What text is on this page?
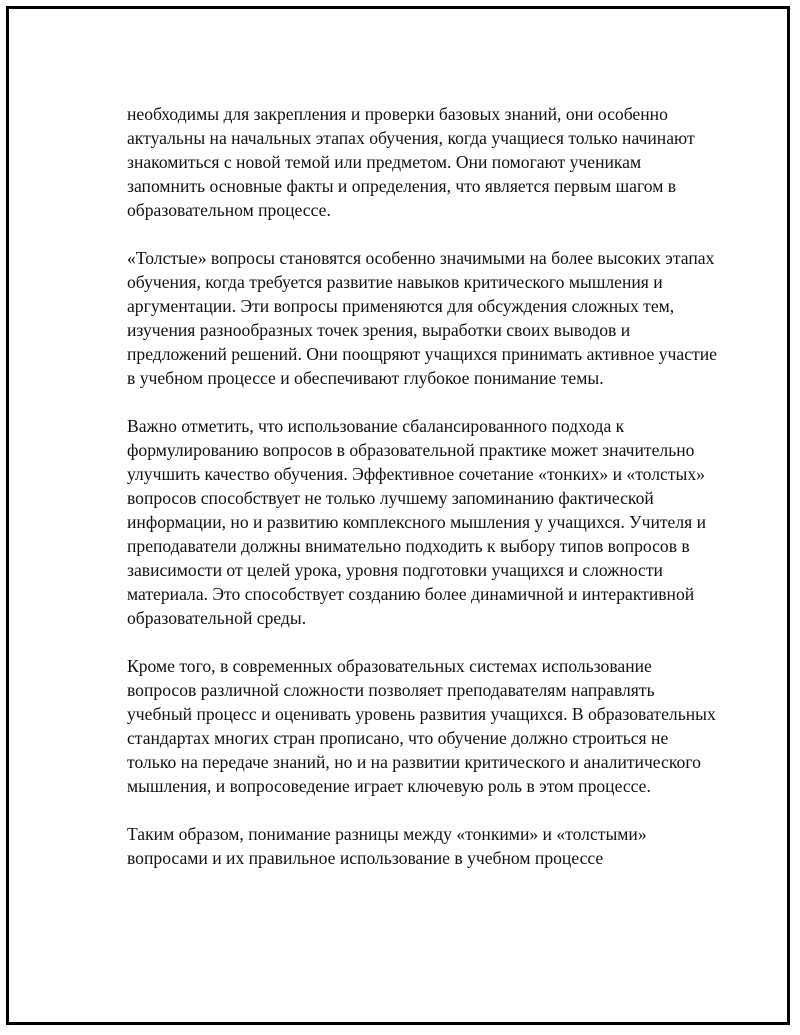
необходимы для закрепления и проверки базовых знаний, они особенно актуальны на начальных этапах обучения, когда учащиеся только начинают знакомиться с новой темой или предметом. Они помогают ученикам запомнить основные факты и определения, что является первым шагом в образовательном процессе.

«Толстые» вопросы становятся особенно значимыми на более высоких этапах обучения, когда требуется развитие навыков критического мышления и аргументации. Эти вопросы применяются для обсуждения сложных тем, изучения разнообразных точек зрения, выработки своих выводов и предложений решений. Они поощряют учащихся принимать активное участие в учебном процессе и обеспечивают глубокое понимание темы.

Важно отметить, что использование сбалансированного подхода к формулированию вопросов в образовательной практике может значительно улучшить качество обучения. Эффективное сочетание «тонких» и «толстых» вопросов способствует не только лучшему запоминанию фактической информации, но и развитию комплексного мышления у учащихся. Учителя и преподаватели должны внимательно подходить к выбору типов вопросов в зависимости от целей урока, уровня подготовки учащихся и сложности материала. Это способствует созданию более динамичной и интерактивной образовательной среды.

Кроме того, в современных образовательных системах использование вопросов различной сложности позволяет преподавателям направлять учебный процесс и оценивать уровень развития учащихся. В образовательных стандартах многих стран прописано, что обучение должно строиться не только на передаче знаний, но и на развитии критического и аналитического мышления, и вопросоведение играет ключевую роль в этом процессе.

Таким образом, понимание разницы между «тонкими» и «толстыми» вопросами и их правильное использование в учебном процессе
